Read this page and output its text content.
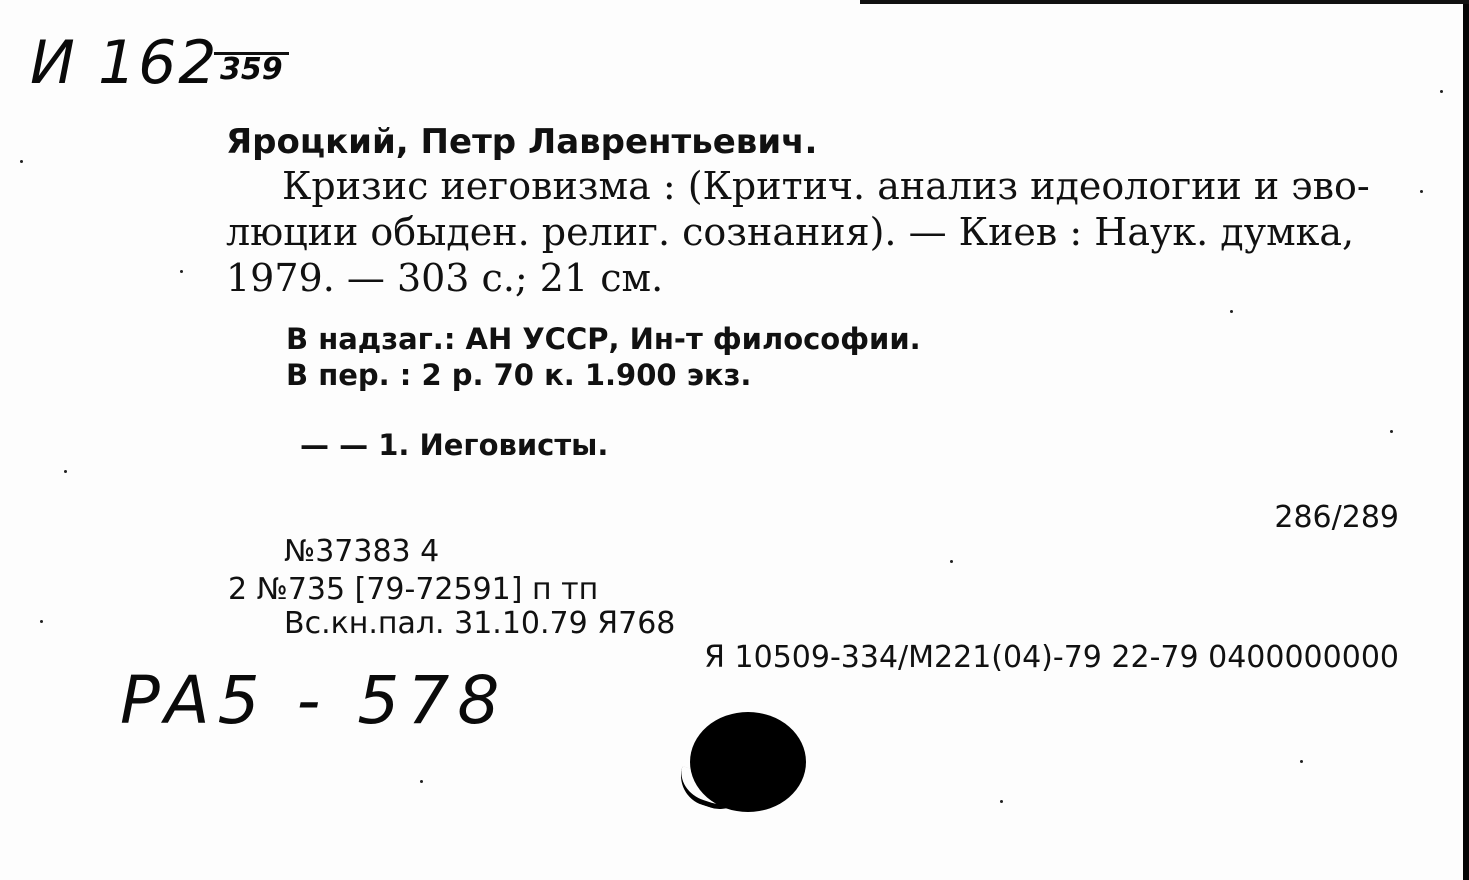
И 162 359
Яроцкий, Петр Лаврентьевич.
Кризис иеговизма : (Критич. анализ идеологии и эво-
люции обыден. религ. сознания). — Киев : Наук. думка,
1979. — 303 с.; 21 см.
В надзаг.: АН УССР, Ин-т философии.
В пер. : 2 р. 70 к. 1.900 экз.
— — 1. Иеговисты.
286/289
№37383 4
2 №735 [79-72591] п тп
Вс.кн.пал. 31.10.79 Я768
Я 10509-334/М221(04)-79 22-79 0400000000
PA5 - 578
